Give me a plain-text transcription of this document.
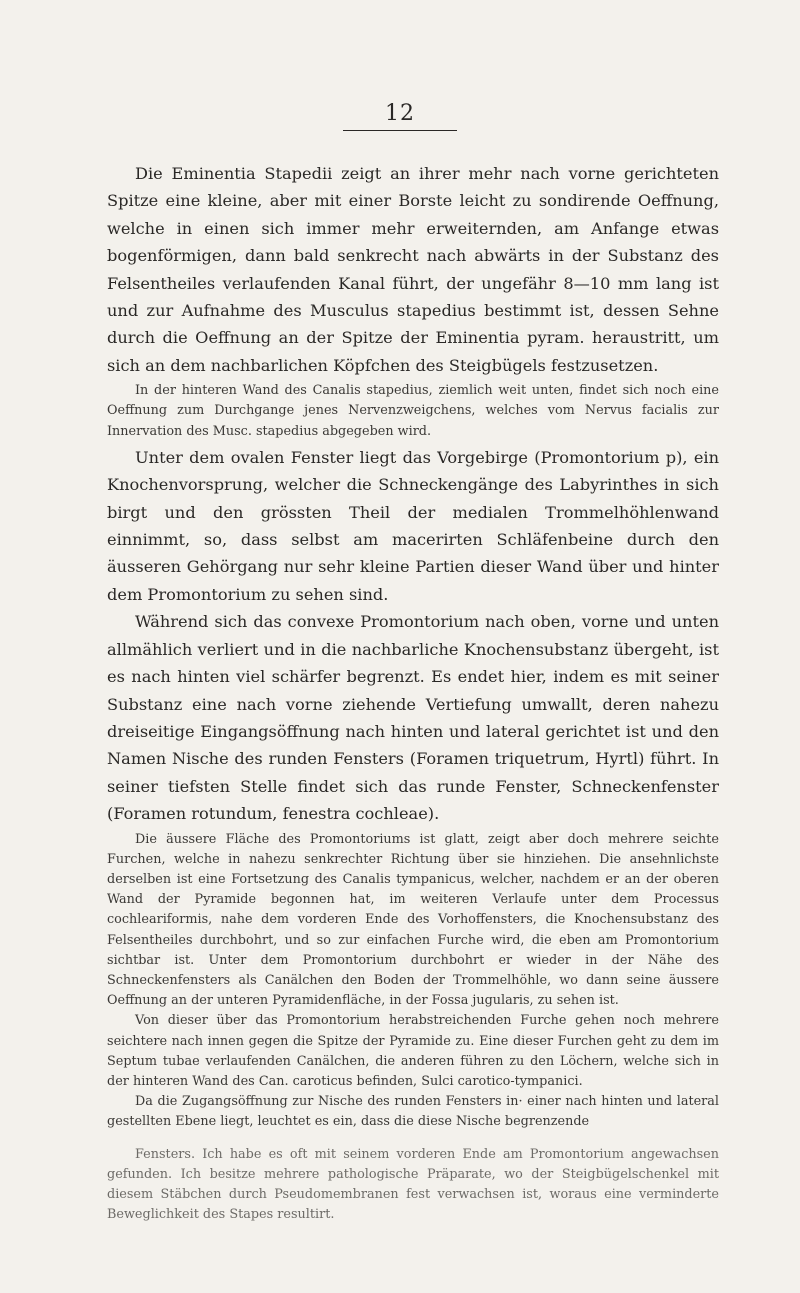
12

Die Eminentia Stapedii zeigt an ihrer mehr nach vorne gerichteten Spitze eine kleine, aber mit einer Borste leicht zu sondirende Oeffnung, welche in einen sich immer mehr erweiternden, am Anfange etwas bogenförmigen, dann bald senkrecht nach abwärts in der Substanz des Felsentheiles verlaufenden Kanal führt, der ungefähr 8—10 mm lang ist und zur Aufnahme des Musculus stapedius bestimmt ist, dessen Sehne durch die Oeffnung an der Spitze der Eminentia pyram. heraustritt, um sich an dem nachbarlichen Köpfchen des Steigbügels festzusetzen.

In der hinteren Wand des Canalis stapedius, ziemlich weit unten, findet sich noch eine Oeffnung zum Durchgange jenes Nervenzweigchens, welches vom Nervus facialis zur Innervation des Musc. stapedius abgegeben wird.

Unter dem ovalen Fenster liegt das Vorgebirge (Promontorium p), ein Knochenvorsprung, welcher die Schneckengänge des Labyrinthes in sich birgt und den grössten Theil der medialen Trommelhöhlenwand einnimmt, so, dass selbst am macerirten Schläfenbeine durch den äusseren Gehörgang nur sehr kleine Partien dieser Wand über und hinter dem Promontorium zu sehen sind.

Während sich das convexe Promontorium nach oben, vorne und unten allmählich verliert und in die nachbarliche Knochensubstanz übergeht, ist es nach hinten viel schärfer begrenzt. Es endet hier, indem es mit seiner Substanz eine nach vorne ziehende Vertiefung umwallt, deren nahezu dreiseitige Eingangsöffnung nach hinten und lateral gerichtet ist und den Namen Nische des runden Fensters (Foramen triquetrum, Hyrtl) führt. In seiner tiefsten Stelle findet sich das runde Fenster, Schneckenfenster (Foramen rotundum, fenestra cochleae).

Die äussere Fläche des Promontoriums ist glatt, zeigt aber doch mehrere seichte Furchen, welche in nahezu senkrechter Richtung über sie hinziehen. Die ansehnlichste derselben ist eine Fortsetzung des Canalis tympanicus, welcher, nachdem er an der oberen Wand der Pyramide begonnen hat, im weiteren Verlaufe unter dem Processus cochleariformis, nahe dem vorderen Ende des Vorhoffensters, die Knochensubstanz des Felsentheiles durchbohrt, und so zur einfachen Furche wird, die eben am Promontorium sichtbar ist. Unter dem Promontorium durchbohrt er wieder in der Nähe des Schneckenfensters als Canälchen den Boden der Trommelhöhle, wo dann seine äussere Oeffnung an der unteren Pyramidenfläche, in der Fossa jugularis, zu sehen ist.

Von dieser über das Promontorium herabstreichenden Furche gehen noch mehrere seichtere nach innen gegen die Spitze der Pyramide zu. Eine dieser Furchen geht zu dem im Septum tubae verlaufenden Canälchen, die anderen führen zu den Löchern, welche sich in der hinteren Wand des Can. caroticus befinden, Sulci carotico-tympanici.

Da die Zugangsöffnung zur Nische des runden Fensters in· einer nach hinten und lateral gestellten Ebene liegt, leuchtet es ein, dass die diese Nische begrenzende

Fensters. Ich habe es oft mit seinem vorderen Ende am Promontorium angewachsen gefunden. Ich besitze mehrere pathologische Präparate, wo der Steigbügelschenkel mit diesem Stäbchen durch Pseudomembranen fest verwachsen ist, woraus eine verminderte Beweglichkeit des Stapes resultirt.
